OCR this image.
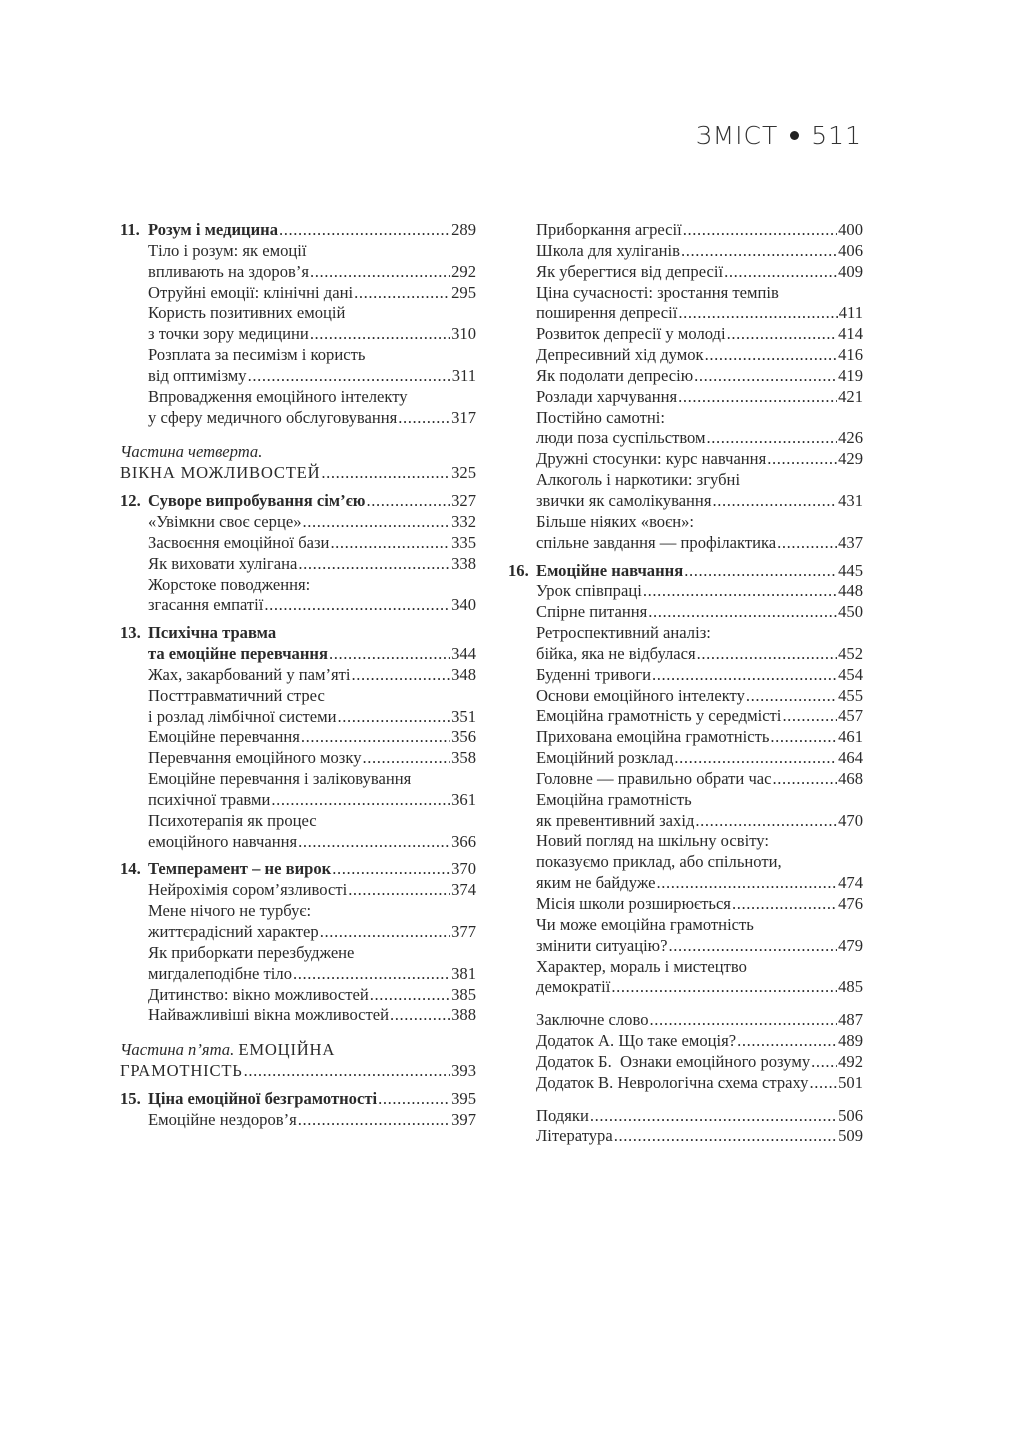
ЗМІСТ 511
11. Розум і медицина .....	289
Тіло і розум: як емоції
впливають на здоров’я .....	292
Отруйні емоції: клінічні дані .....	295
Користь позитивних емоцій
з точки зору медицини .....	310
Розплата за песимізм і користь
від оптимізму .....	311
Впровадження емоційного інтелекту
у сферу медичного обслуговування .....	317
Частина четверта.
ВІКНА МОЖЛИВОСТЕЙ .....	325
12. Суворе випробування сім’єю .....	327
«Увімкни своє серце» .....	332
Засвоєння емоційної бази .....	335
Як виховати хулігана .....	338
Жорстоке поводження:
згасання емпатії .....	340
13. Психічна травма
та емоційне перевчання .....	344
Жах, закарбований у пам’яті .....	348
Посттравматичний стрес
і розлад лімбічної системи .....	351
Емоційне перевчання .....	356
Перевчання емоційного мозку .....	358
Емоційне перевчання і заліковування
психічної травми .....	361
Психотерапія як процес
емоційного навчання .....	366
14. Темперамент – не вирок .....	370
Нейрохімія сором’язливості .....	374
Мене нічого не турбує:
життєрадісний характер .....	377
Як приборкати перезбуджене
мигдалеподібне тіло .....	381
Дитинство: вікно можливостей .....	385
Найважливіші вікна можливостей .....	388
Частина п’ята.
ЕМОЦІЙНА
ГРАМОТНІСТЬ .....	393
15. Ціна емоційної безграмотності .....	395
Емоційне нездоров’я .....	397
Приборкання агресії .....	400
Школа для хуліганів .....	406
Як уберегтися від депресії .....	409
Ціна сучасності: зростання темпів
поширення депресії .....	411
Розвиток депресії у молоді .....	414
Депресивний хід думок .....	416
Як подолати депресію .....	419
Розлади харчування .....	421
Постійно самотні:
люди поза суспільством .....	426
Дружні стосунки: курс навчання .....	429
Алкоголь і наркотики: згубні
звички як самолікування .....	431
Більше ніяких «воєн»:
спільне завдання — профілактика .....	437
16. Емоційне навчання .....	445
Урок співпраці .....	448
Спірне питання .....	450
Ретроспективний аналіз:
бійка, яка не відбулася .....	452
Буденні тривоги .....	454
Основи емоційного інтелекту .....	455
Емоційна грамотність у середмісті .....	457
Прихована емоційна грамотність .....	461
Емоційний розклад .....	464
Головне — правильно обрати час .....	468
Емоційна грамотність
як превентивний захід .....	470
Новий погляд на шкільну освіту:
показуємо приклад, або спільноти,
яким не байдуже .....	474
Місія школи розширюється .....	476
Чи може емоційна грамотність
змінити ситуацію? .....	479
Характер, мораль і мистецтво
демократії .....	485
Заключне слово .....	487
Додаток А. Що таке емоція? .....	489
Додаток Б.  Ознаки емоційного розуму ..... 492
Додаток В. Неврологічна схема страху ..... 501
Подяки .....	506
Література .....	509
